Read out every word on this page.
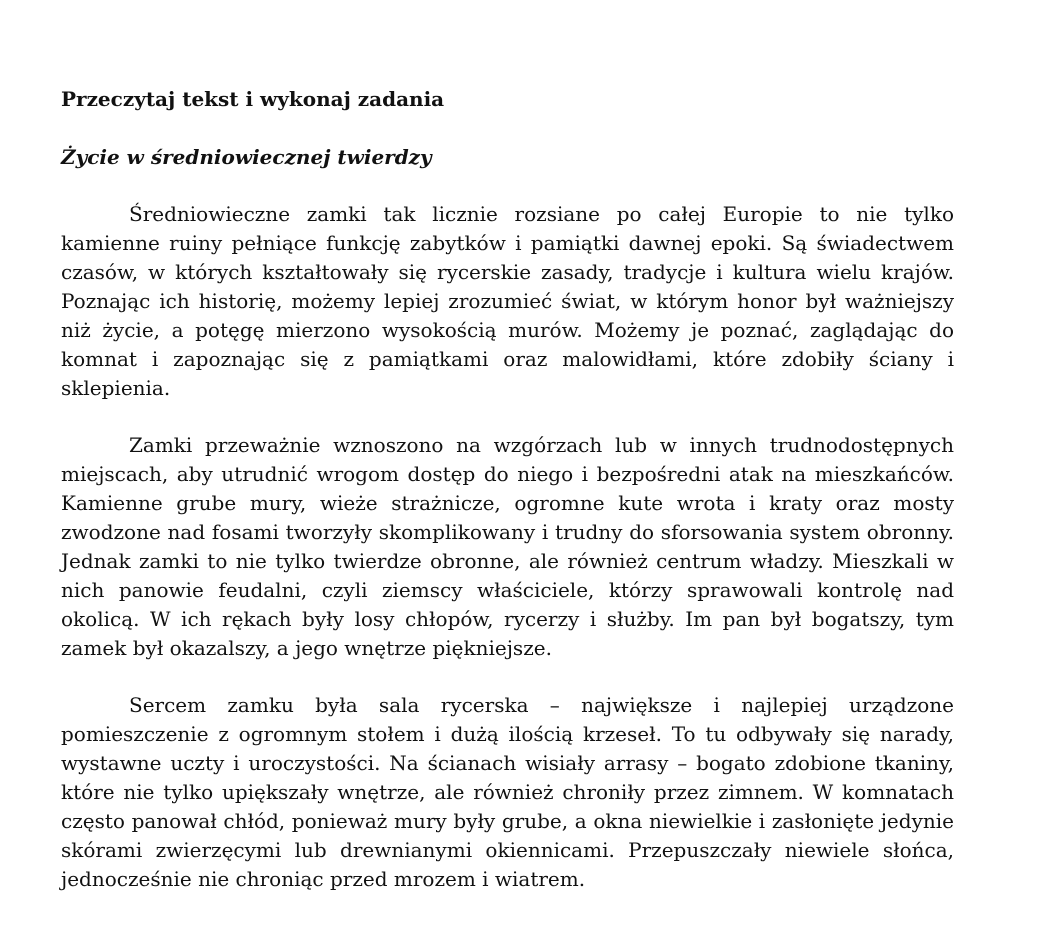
Przeczytaj tekst i wykonaj zadania
Życie w średniowiecznej twierdzy

Średniowieczne zamki tak licznie rozsiane po całej Europie to nie tylko kamienne ruiny pełniące funkcję zabytków i pamiątki dawnej epoki. Są świadectwem czasów, w których kształtowały się rycerskie zasady, tradycje i kultura wielu krajów. Poznając ich historię, możemy lepiej zrozumieć świat, w którym honor był ważniejszy niż życie, a potęgę mierzono wysokością murów. Możemy je poznać, zaglądając do komnat i zapoznając się z pamiątkami oraz malowidłami, które zdobiły ściany i sklepienia.

Zamki przeważnie wznoszono na wzgórzach lub w innych trudnodostępnych miejscach, aby utrudnić wrogom dostęp do niego i bezpośredni atak na mieszkańców. Kamienne grube mury, wieże strażnicze, ogromne kute wrota i kraty oraz mosty zwodzone nad fosami tworzyły skomplikowany i trudny do sforsowania system obronny. Jednak zamki to nie tylko twierdze obronne, ale również centrum władzy. Mieszkali w nich panowie feudalni, czyli ziemscy właściciele, którzy sprawowali kontrolę nad okolicą. W ich rękach były losy chłopów, rycerzy i służby. Im pan był bogatszy, tym zamek był okazalszy, a jego wnętrze piękniejsze.

Sercem zamku była sala rycerska – największe i najlepiej urządzone pomieszczenie z ogromnym stołem i dużą ilością krzeseł. To tu odbywały się narady, wystawne uczty i uroczystości. Na ścianach wisiały arrasy – bogato zdobione tkaniny, które nie tylko upiększały wnętrze, ale również chroniły przez zimnem. W komnatach często panował chłód, ponieważ mury były grube, a okna niewielkie i zasłonięte jedynie skórami zwierzęcymi lub drewnianymi okiennicami. Przepuszczały niewiele słońca, jednocześnie nie chroniąc przed mrozem i wiatrem.
